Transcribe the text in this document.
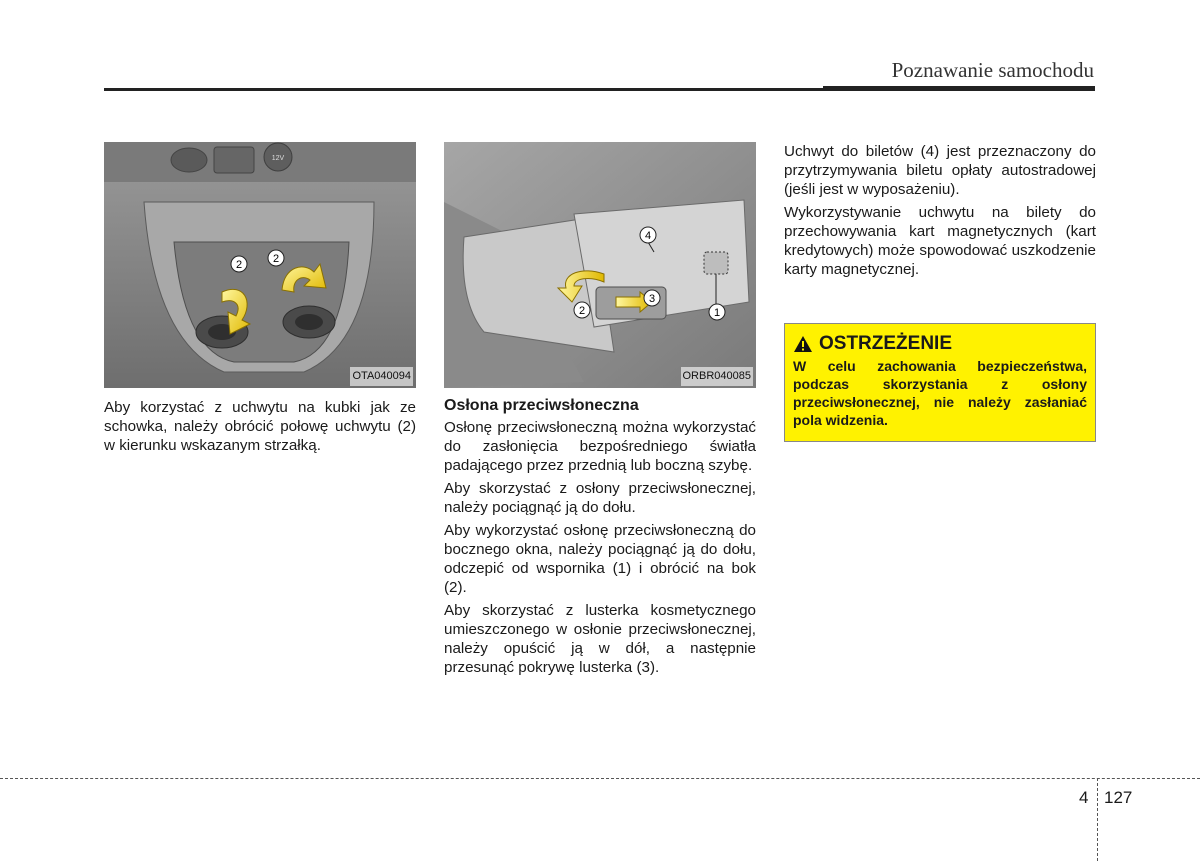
Poznawanie samochodu
2	2
12V
OTA040094

Aby korzystać z uchwytu na kubki jak ze schowka, należy obrócić połowę uchwytu (2) w kierunku wskazanym strzałką.

4
2
3
1
ORBR040085
Osłona przeciwsłoneczna

Osłonę przeciwsłoneczną można wykorzystać do zasłonięcia bezpośredniego światła padającego przez przednią lub boczną szybę.

Aby skorzystać z osłony przeciwsłonecznej, należy pociągnąć ją do dołu.

Aby wykorzystać osłonę przeciwsłoneczną do bocznego okna, należy pociągnąć ją do dołu, odczepić od wspornika (1) i obrócić na bok (2).

Aby skorzystać z lusterka kosmetycznego umieszczonego w osłonie przeciwsłonecznej, należy opuścić ją w dół, a następnie przesunąć pokrywę lusterka (3).

Uchwyt do biletów (4) jest przeznaczony do przytrzymywania biletu opłaty autostradowej (jeśli jest w wyposażeniu).

Wykorzystywanie uchwytu na bilety do przechowywania kart magnetycznych (kart kredytowych) może spowodować uszkodzenie karty magnetycznej.

OSTRZEŻENIE
W celu zachowania bezpieczeństwa, podczas skorzystania z osłony przeciwsłonecznej, nie należy zasłaniać pola widzenia.
4 127
